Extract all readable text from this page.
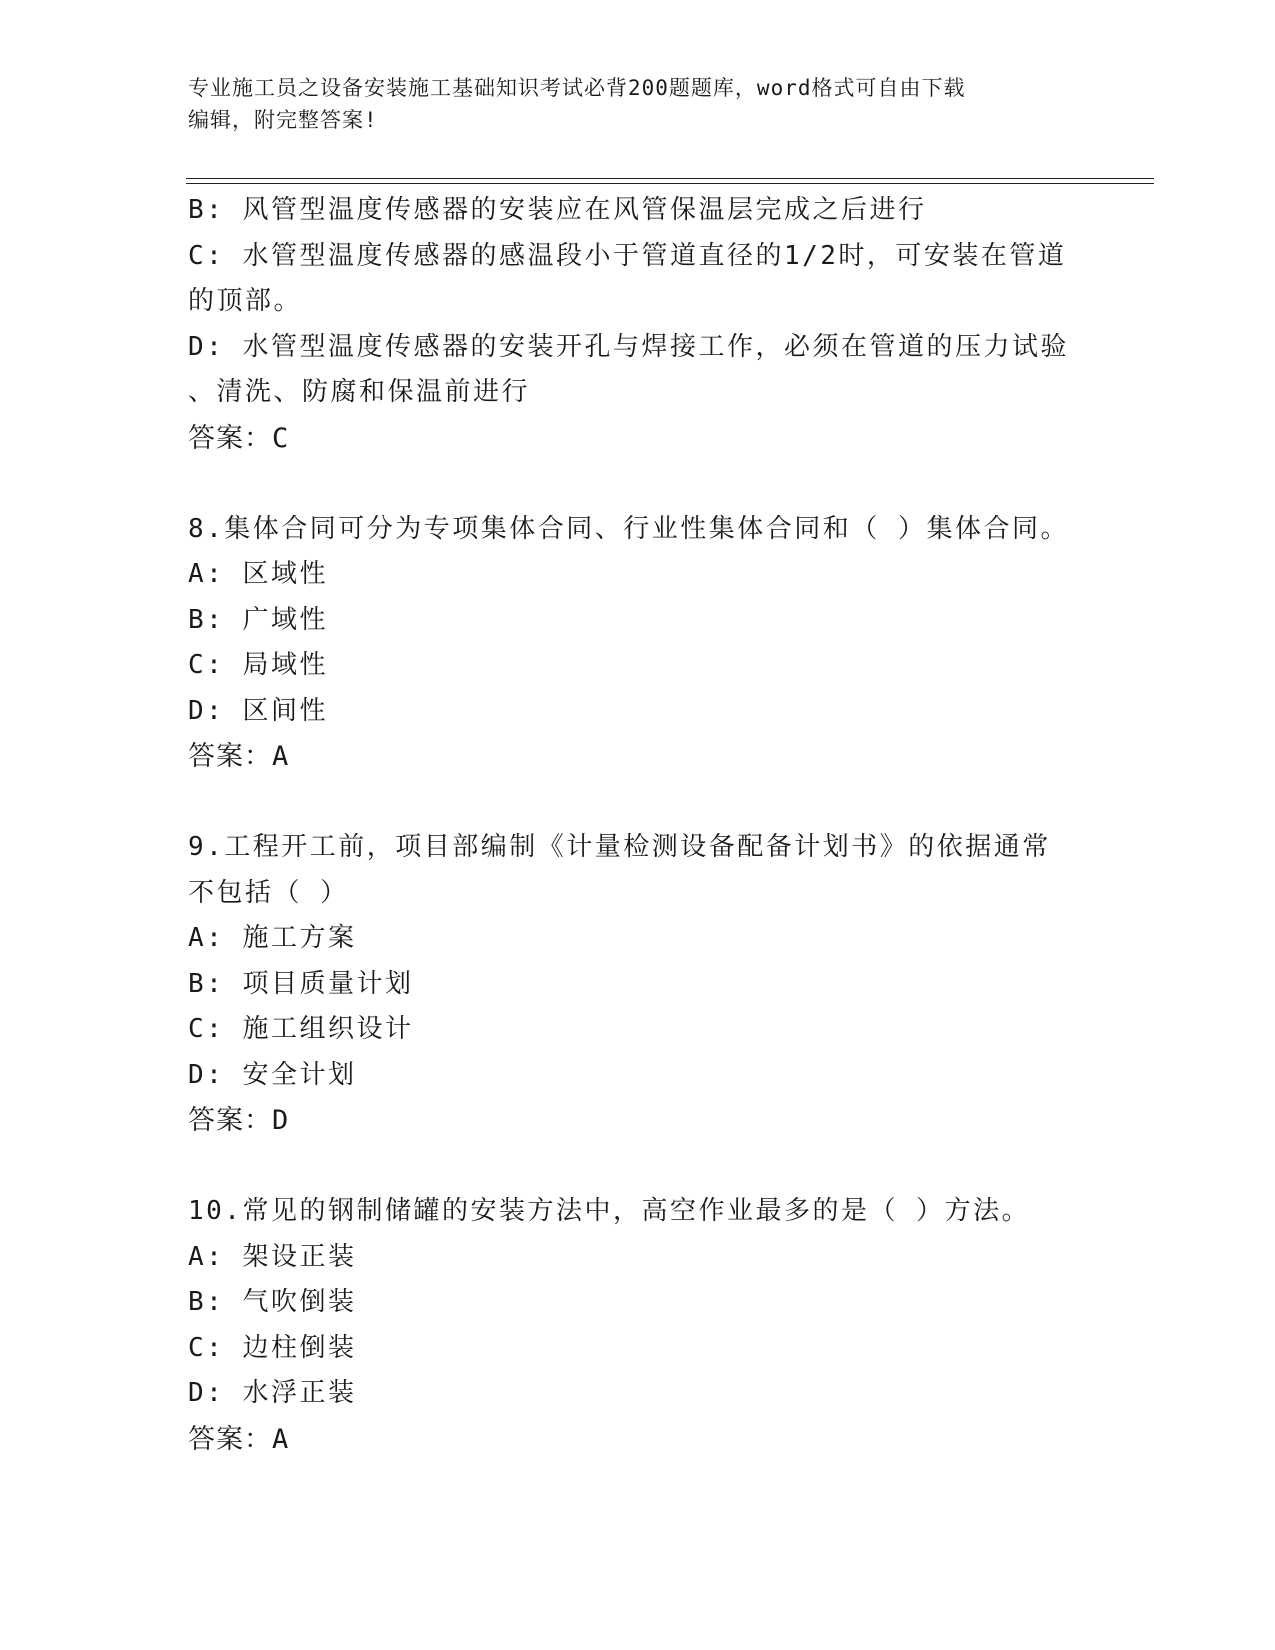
专业施工员之设备安装施工基础知识考试必背200题题库，word格式可自由下载
编辑，附完整答案!
B: 风管型温度传感器的安装应在风管保温层完成之后进行
C: 水管型温度传感器的感温段小于管道直径的1/2时，可安装在管道
的顶部。
D: 水管型温度传感器的安装开孔与焊接工作，必须在管道的压力试验
、清洗、防腐和保温前进行
答案：C
8.集体合同可分为专项集体合同、行业性集体合同和（ ）集体合同。
A: 区域性
B: 广域性
C: 局域性
D: 区间性
答案：A
9.工程开工前，项目部编制《计量检测设备配备计划书》的依据通常
不包括（ ）
A: 施工方案
B: 项目质量计划
C: 施工组织设计
D: 安全计划
答案：D
10.常见的钢制储罐的安装方法中，高空作业最多的是（ ）方法。
A: 架设正装
B: 气吹倒装
C: 边柱倒装
D: 水浮正装
答案：A
